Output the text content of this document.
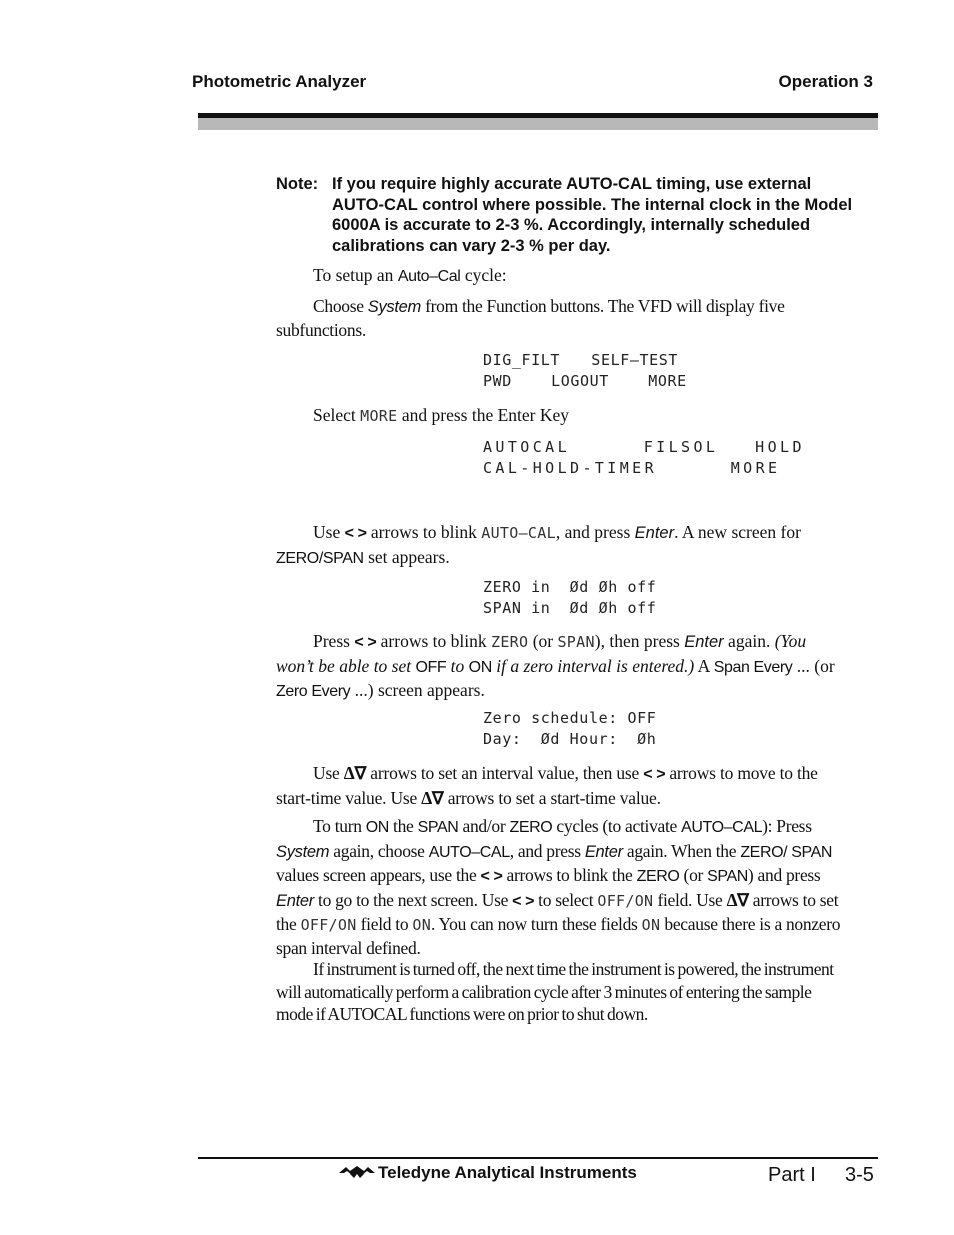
Photometric Analyzer	Operation 3
Note: If you require highly accurate AUTO-CAL timing, use external AUTO-CAL control where possible. The internal clock in the Model 6000A is accurate to 2-3 %. Accordingly, internally scheduled calibrations can vary 2-3 % per day.
To setup an Auto–Cal cycle:
Choose System from the Function buttons. The VFD will display five subfunctions.
DIG_FILT  SELF—TEST
PWD  LOGOUT  MORE
Select MORE and press the Enter Key
AUTOCAL    FILSOL  HOLD
CAL-HOLD-TIMER    MORE
Use < > arrows to blink AUTO—CAL, and press Enter. A new screen for ZERO/SPAN set appears.
ZERO in  Ød Øh off
SPAN in  Ød Øh off
Press < > arrows to blink ZERO (or SPAN), then press Enter again. (You won’t be able to set OFF to ON if a zero interval is entered.) A Span Every ... (or Zero Every ...) screen appears.
Zero schedule: OFF
Day:  Ød Hour:  Øh
Use Δ∇ arrows to set an interval value, then use < > arrows to move to the start-time value. Use Δ∇ arrows to set a start-time value.
To turn ON the SPAN and/or ZERO cycles (to activate AUTO–CAL): Press System again, choose AUTO–CAL, and press Enter again. When the ZERO/ SPAN values screen appears, use the < > arrows to blink the ZERO (or SPAN) and press Enter to go to the next screen. Use < > to select OFF/ON field. Use Δ∇ arrows to set the OFF/ON field to ON. You can now turn these fields ON because there is a nonzero span interval defined.
If instrument is turned off, the next time the instrument is powered, the instrument will automatically perform a calibration cycle after 3 minutes of entering the sample mode if AUTOCAL functions were on prior to shut down.
Teledyne Analytical Instruments	Part I 3-5
